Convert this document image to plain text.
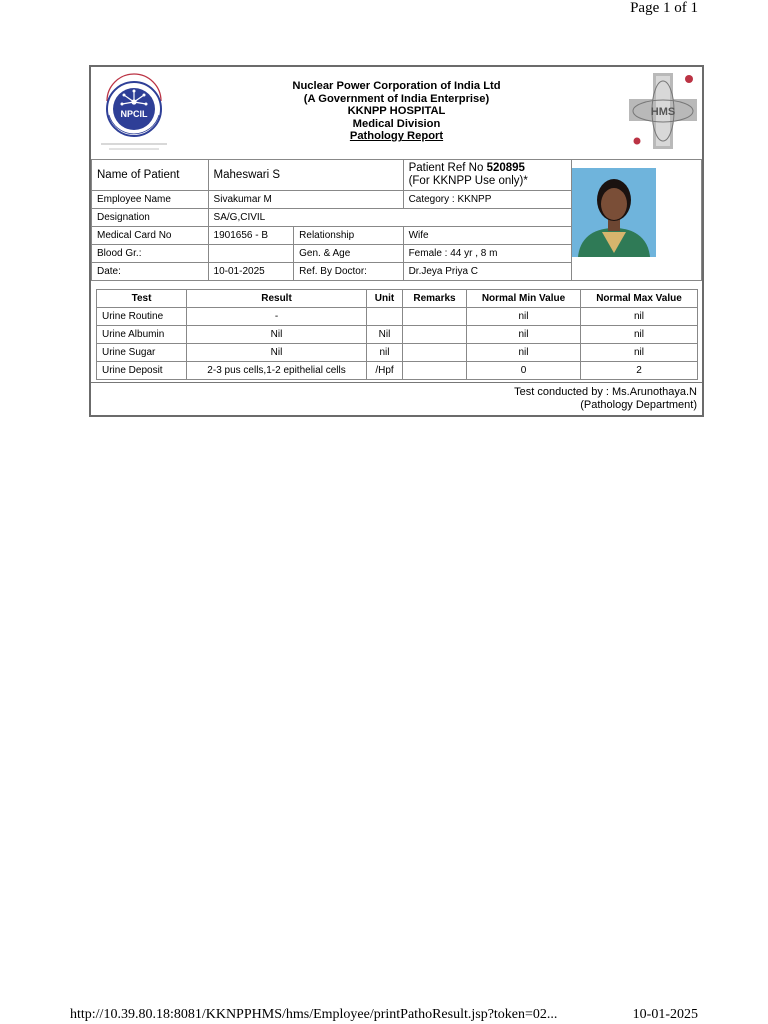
Page 1 of 1
NPCIL
Nuclear Power Corporation of India Ltd
(A Government of India Enterprise)
KKNPP HOSPITAL
Medical Division
Pathology Report
HMS
Name of Patient	Maheswari S		Patient Ref No 520895
(For KKNPP Use only)*	
Employee Name	Sivakumar M		Category : KKNPP	
Designation	SA/G,CIVIL			
Medical Card No	1901656 - B	Relationship	Wife	
Blood Gr.:		Gen. & Age	Female : 44 yr , 8 m	
Date:	10-01-2025	Ref. By Doctor:	Dr.Jeya Priya C	
Test	Result	Unit	Remarks	Normal Min Value	Normal Max Value
Urine Routine	-			nil	nil
Urine Albumin	Nil	Nil		nil	nil
Urine Sugar	Nil	nil		nil	nil
Urine Deposit	2-3 pus cells,1-2 epithelial cells	/Hpf		0	2
Test conducted by : Ms.Arunothaya.N
(Pathology Department)
http://10.39.80.18:8081/KKNPPHMS/hms/Employee/printPathoResult.jsp?token=02...	10-01-2025
